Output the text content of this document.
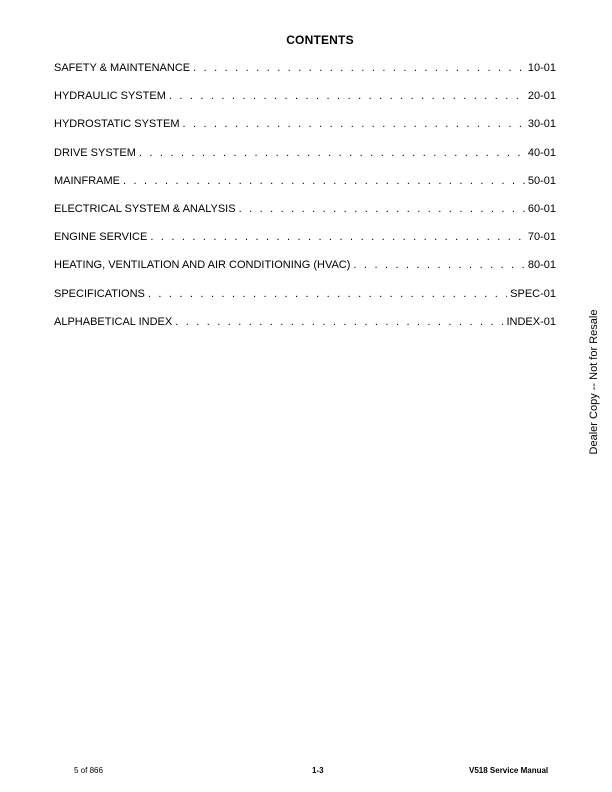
CONTENTS
SAFETY & MAINTENANCE . . .	10-01
HYDRAULIC SYSTEM . . .	20-01
HYDROSTATIC SYSTEM . . .	30-01
DRIVE SYSTEM . . .	40-01
MAINFRAME . . .	50-01
ELECTRICAL SYSTEM & ANALYSIS . . .	60-01
ENGINE SERVICE . . .	70-01
HEATING, VENTILATION AND AIR CONDITIONING (HVAC) . . .	80-01
SPECIFICATIONS . . .	SPEC-01
ALPHABETICAL INDEX . . .	INDEX-01	Dealer Copy -- Not for Resale
5 of 866	1-3	V518 Service Manual
